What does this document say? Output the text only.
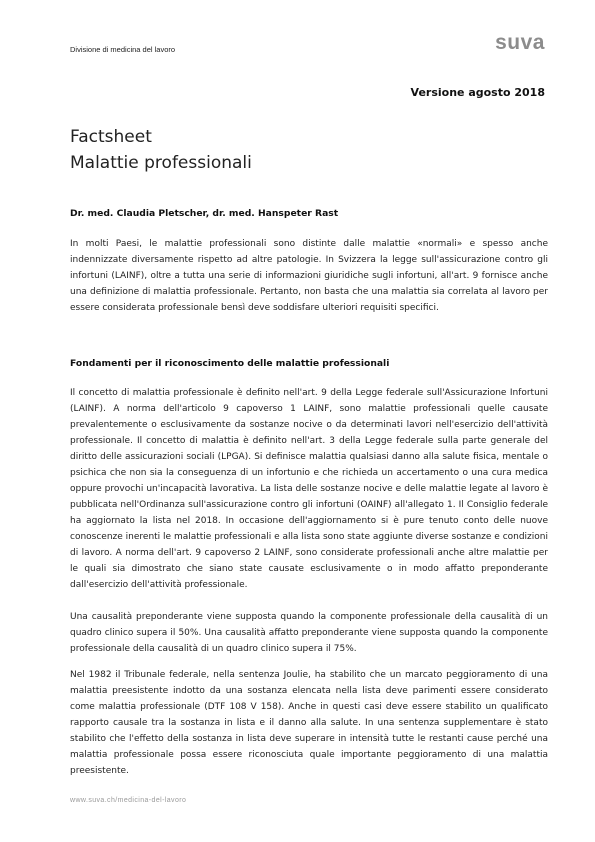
Divisione di medicina del lavoro	suva
Versione agosto 2018
Factsheet
Malattie professionali
Dr. med. Claudia Pletscher, dr. med. Hanspeter Rast

In molti Paesi, le malattie professionali sono distinte dalle malattie «normali» e spesso anche indennizzate diversamente rispetto ad altre patologie. In Svizzera la legge sull'assicurazione contro gli infortuni (LAINF), oltre a tutta una serie di informazioni giuridiche sugli infortuni, all'art. 9 fornisce anche una definizione di malattia professionale. Pertanto, non basta che una malattia sia correlata al lavoro per essere considerata professionale bensì deve soddisfare ulteriori requisiti specifici.

Fondamenti per il riconoscimento delle malattie professionali

Il concetto di malattia professionale è definito nell'art. 9 della Legge federale sull'Assicurazione Infortuni (LAINF). A norma dell'articolo 9 capoverso 1 LAINF, sono malattie professionali quelle causate prevalentemente o esclusivamente da sostanze nocive o da determinati lavori nell'esercizio dell'attività professionale. Il concetto di malattia è definito nell'art. 3 della Legge federale sulla parte generale del diritto delle assicurazioni sociali (LPGA). Si definisce malattia qualsiasi danno alla salute fisica, mentale o psichica che non sia la conseguenza di un infortunio e che richieda un accertamento o una cura medica oppure provochi un'incapacità lavorativa. La lista delle sostanze nocive e delle malattie legate al lavoro è pubblicata nell'Ordinanza sull'assicurazione contro gli infortuni (OAINF) all'allegato 1. Il Consiglio federale ha aggiornato la lista nel 2018. In occasione dell'aggiornamento si è pure tenuto conto delle nuove conoscenze inerenti le malattie professionali e alla lista sono state aggiunte diverse sostanze e condizioni di lavoro. A norma dell'art. 9 capoverso 2 LAINF, sono considerate professionali anche altre malattie per le quali sia dimostrato che siano state causate esclusivamente o in modo affatto preponderante dall'esercizio dell'attività professionale.

Una causalità preponderante viene supposta quando la componente professionale della causalità di un quadro clinico supera il 50%. Una causalità affatto preponderante viene supposta quando la componente professionale della causalità di un quadro clinico supera il 75%.

Nel 1982 il Tribunale federale, nella sentenza Joulie, ha stabilito che un marcato peggioramento di una malattia preesistente indotto da una sostanza elencata nella lista deve parimenti essere considerato come malattia professionale (DTF 108 V 158). Anche in questi casi deve essere stabilito un qualificato rapporto causale tra la sostanza in lista e il danno alla salute. In una sentenza supplementare è stato stabilito che l'effetto della sostanza in lista deve superare in intensità tutte le restanti cause perché una malattia professionale possa essere riconosciuta quale importante peggioramento di una malattia preesistente.

www.suva.ch/medicina-del-lavoro
